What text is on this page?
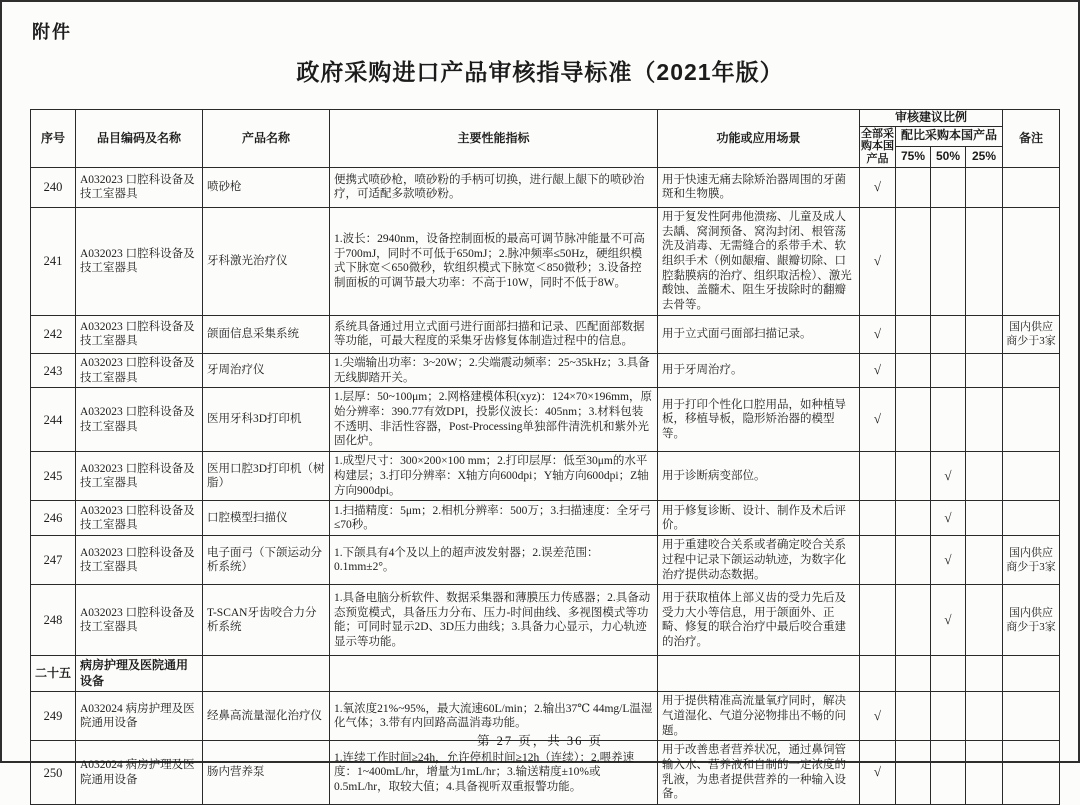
附件
政府采购进口产品审核指导标准（2021年版）
序号	品目编码及名称	产品名称	主要性能指标	功能或应用场景	审核建议比例				备注
					全部采购本国产品	配比采购本国产品			
						75%	50%	25%	
240	A032023 口腔科设备及技工室器具	喷砂枪	便携式喷砂枪，喷砂粉的手柄可切换，进行龈上龈下的喷砂治疗，可适配多款喷砂粉。	用于快速无痛去除矫治器周围的牙菌斑和生物膜。	√				
241	A032023 口腔科设备及技工室器具	牙科激光治疗仪	1.波长：2940nm，设备控制面板的最高可调节脉冲能量不可高于700mJ，同时不可低于650mJ；2.脉冲频率≤50Hz，硬组织模式下脉宽＜650微秒，软组织模式下脉宽＜850微秒；3.设备控制面板的可调节最大功率：不高于10W，同时不低于8W。	用于复发性阿弗他溃疡、儿童及成人去龋、窝洞预备、窝沟封闭、根管荡洗及消毒、无需缝合的系带手术、软组织手术（例如龈瘤、龈瓣切除、口腔黏膜病的治疗、组织取活检）、激光酸蚀、盖髓术、阻生牙拔除时的翻瓣去骨等。	√				
242	A032023 口腔科设备及技工室器具	颌面信息采集系统	系统具备通过用立式面弓进行面部扫描和记录、匹配面部数据等功能，可最大程度的采集牙齿修复体制造过程中的信息。	用于立式面弓面部扫描记录。	√				国内供应商少于3家
243	A032023 口腔科设备及技工室器具	牙周治疗仪	1.尖端输出功率：3~20W；2.尖端震动频率：25~35kHz；3.具备无线脚踏开关。	用于牙周治疗。	√				
244	A032023 口腔科设备及技工室器具	医用牙科3D打印机	1.层厚：50~100μm；2.网格建模体积(xyz)：124×70×196mm，原始分辨率：390.77有效DPI，投影仪波长：405nm；3.材料包装不透明、非活性容器，Post-Processing单独部件清洗机和紫外光固化炉。	用于打印个性化口腔用品，如种植导板，移植导板，隐形矫治器的模型等。	√				
245	A032023 口腔科设备及技工室器具	医用口腔3D打印机（树脂）	1.成型尺寸：300×200×100 mm；2.打印层厚：低至30μm的水平构建层；3.打印分辨率：X轴方向600dpi；Y轴方向600dpi；Z轴方向900dpi。	用于诊断病变部位。			√		
246	A032023 口腔科设备及技工室器具	口腔模型扫描仪	1.扫描精度：5μm；2.相机分辨率：500万；3.扫描速度：全牙弓≤70秒。	用于修复诊断、设计、制作及术后评价。			√		
247	A032023 口腔科设备及技工室器具	电子面弓（下颌运动分析系统）	1.下颌具有4个及以上的超声波发射器；2.误差范围：0.1mm±2°。	用于重建咬合关系或者确定咬合关系过程中记录下颌运动轨迹，为数字化治疗提供动态数据。			√		国内供应商少于3家
248	A032023 口腔科设备及技工室器具	T-SCAN牙齿咬合力分析系统	1.具备电脑分析软件、数据采集器和薄膜压力传感器；2.具备动态预览模式，具备压力分布、压力-时间曲线、多视图模式等功能；可同时显示2D、3D压力曲线；3.具备力心显示，力心轨迹显示等功能。	用于获取植体上部义齿的受力先后及受力大小等信息，用于颌面外、正畸、修复的联合治疗中最后咬合重建的治疗。			√		国内供应商少于3家
二十五	病房护理及医院通用设备								
249	A032024 病房护理及医院通用设备	经鼻高流量湿化治疗仪	1.氧浓度21%~95%，最大流速60L/min；2.输出37℃ 44mg/L温湿化气体；3.带有内回路高温消毒功能。	用于提供精准高流量氧疗同时，解决气道湿化、气道分泌物排出不畅的问题。	√				
250	A032024 病房护理及医院通用设备	肠内营养泵	1.连续工作时间≥24h，允许停机时间≥12h（连续）；2.喂养速度：1~400mL/hr，增量为1mL/hr；3.输送精度±10%或0.5mL/hr，取较大值；4.具备视听双重报警功能。	用于改善患者营养状况，通过鼻饲管输入水、营养液和自制的一定浓度的乳液，为患者提供营养的一种输入设备。	√				
第 27 页，共 36 页
